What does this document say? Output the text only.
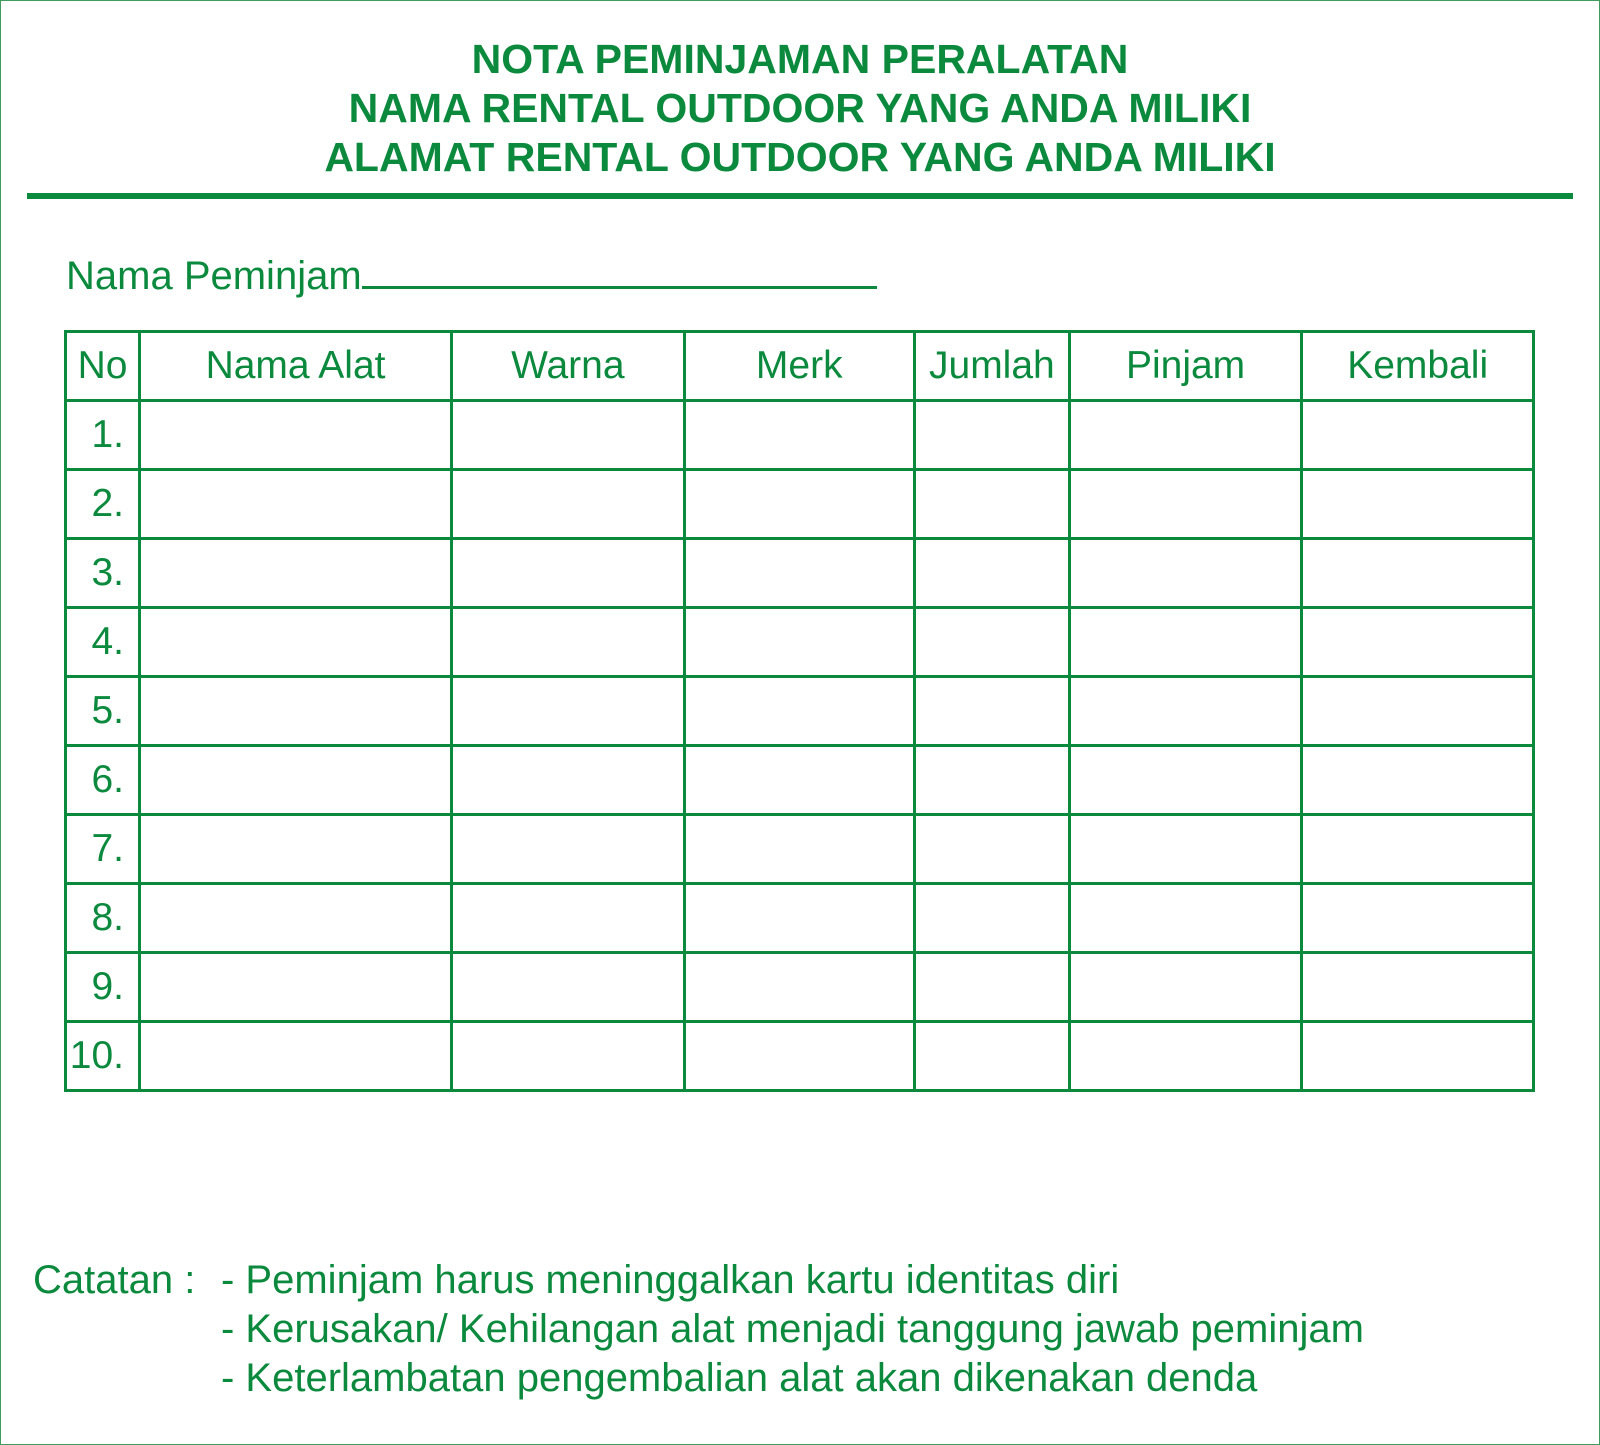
NOTA PEMINJAMAN PERALATAN
NAMA RENTAL OUTDOOR YANG ANDA MILIKI
ALAMAT RENTAL OUTDOOR YANG ANDA MILIKI
Nama Peminjam
No	Nama Alat	Warna	Merk	Jumlah	Pinjam	Kembali
1.						
2.						
3.						
4.						
5.						
6.						
7.						
8.						
9.						
10.						
Catatan : - Peminjam harus meninggalkan kartu identitas diri
- Kerusakan/ Kehilangan alat menjadi tanggung jawab peminjam
- Keterlambatan pengembalian alat akan dikenakan denda
